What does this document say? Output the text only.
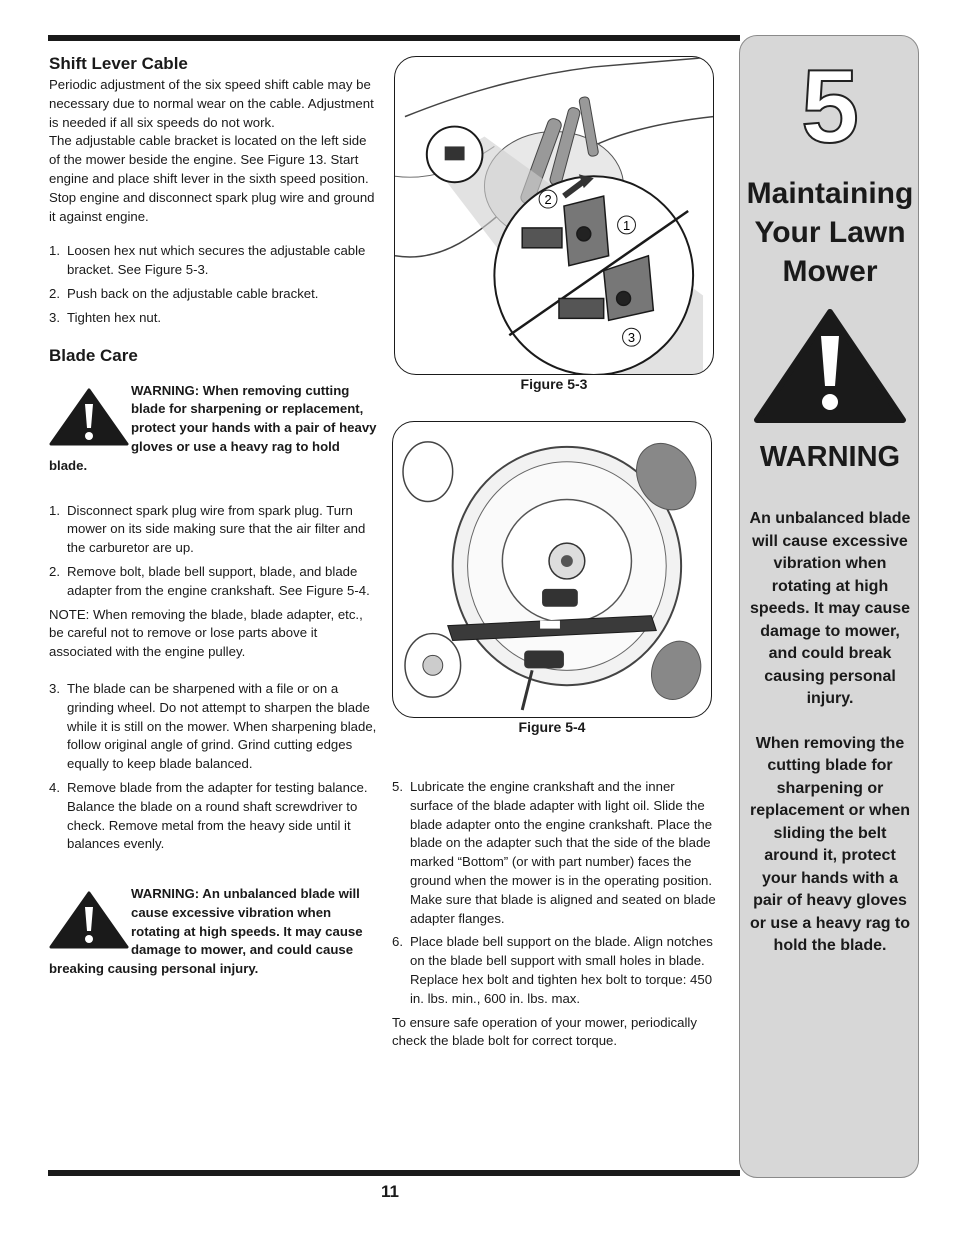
Shift Lever Cable

Periodic adjustment of the six speed shift cable may be necessary due to normal wear on the cable. Adjustment is needed if all six speeds do not work.

The adjustable cable bracket is located on the left side of the mower beside the engine. See Figure 13. Start engine and place shift lever in the sixth speed position. Stop engine and disconnect spark plug wire and ground it against engine.

1. Loosen hex nut which secures the adjustable cable bracket. See Figure 5-3.
2. Push back on the adjustable cable bracket.
3. Tighten hex nut.
Blade Care
WARNING: When removing cutting blade for sharpening or replacement, protect your hands with a pair of heavy gloves or use a heavy rag to hold blade.
1. Disconnect spark plug wire from spark plug. Turn mower on its side making sure that the air filter and the carburetor are up.
2. Remove bolt, blade bell support, blade, and blade adapter from the engine crankshaft. See Figure 5-4.

NOTE: When removing the blade, blade adapter, etc., be careful not to remove or lose parts above it associated with the engine pulley.

3. The blade can be sharpened with a file or on a grinding wheel. Do not attempt to sharpen the blade while it is still on the mower. When sharpening blade, follow original angle of grind. Grind cutting edges equally to keep blade balanced.
4. Remove blade from the adapter for testing balance. Balance the blade on a round shaft screwdriver to check. Remove metal from the heavy side until it balances evenly.
WARNING: An unbalanced blade will cause excessive vibration when rotating at high speeds. It may cause damage to mower, and could cause breaking causing personal injury.
2
1
3
Figure 5-3
Figure 5-4
5. Lubricate the engine crankshaft and the inner surface of the blade adapter with light oil. Slide the blade adapter onto the engine crankshaft. Place the blade on the adapter such that the side of the blade marked “Bottom” (or with part number) faces the ground when the mower is in the operating position. Make sure that blade is aligned and seated on blade adapter flanges.
6. Place blade bell support on the blade. Align notches on the blade bell support with small holes in blade. Replace hex bolt and tighten hex bolt to torque: 450 in. lbs. min., 600 in. lbs. max.

To ensure safe operation of your mower, periodically check the blade bolt for correct torque.

5
Maintaining Your Lawn Mower
WARNING

An unbalanced blade will cause excessive vibration when rotating at high speeds. It may cause damage to mower, and could break causing personal injury.

When removing the cutting blade for sharpening or replacement or when sliding the belt around it, protect your hands with a pair of heavy gloves or use a heavy rag to hold the blade.

11
